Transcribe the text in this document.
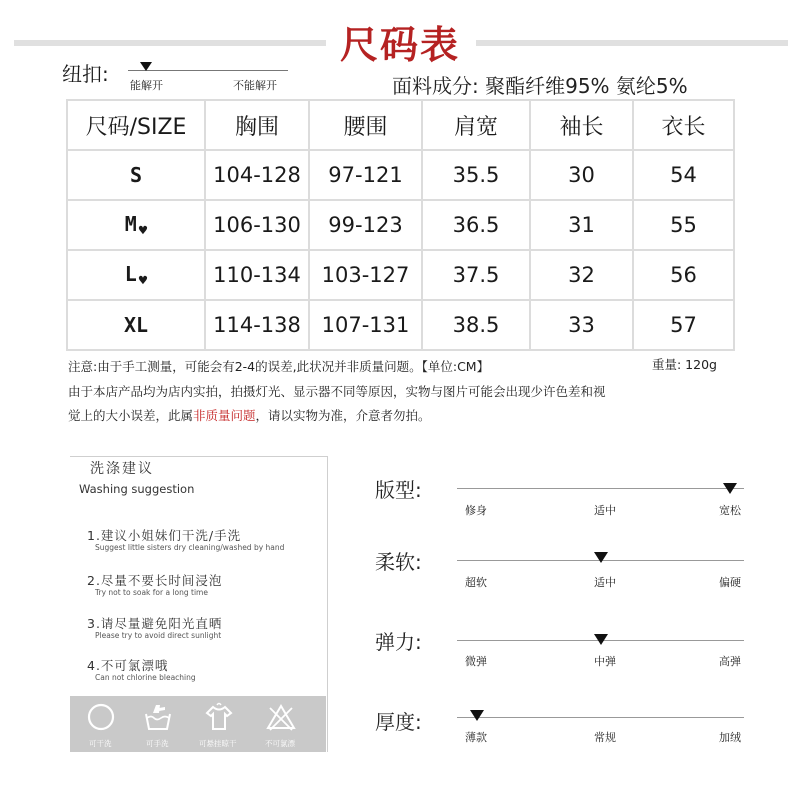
尺码表
纽扣: 能解开	不能解开	面料成分: 聚酯纤维95% 氨纶5%
尺码/SIZE	胸围	腰围	肩宽	袖长	衣长
S	104-128	97-121	35.5	30	54
M $_♥$	106-130	99-123	36.5	31	55
L $_♥$	110-134	103-127	37.5	32	56
XL	114-138	107-131	38.5	33	57
注意:由于手工测量，可能会有2-4的误差,此状况并非质量问题。【单位:CM】	重量: 120g
由于本店产品均为店内实拍，拍摄灯光、显示器不同等原因，实物与图片可能会出现少许色差和视
觉上的大小误差，此属非质量问题，请以实物为准，介意者勿拍。
洗涤建议
Washing suggestion
1.建议小姐妹们干洗/手洗
Suggest little sisters dry cleaning/washed by hand
2.尽量不要长时间浸泡
Try not to soak for a long time
3.请尽量避免阳光直晒
Please try to avoid direct sunlight
4.不可氯漂哦
Can not chlorine bleaching
可干洗	可手洗	可悬挂晾干	不可氯漂
版型:
修身	适中	宽松
柔软:
超软	适中	偏硬
弹力:
微弹	中弹	高弹
厚度:
薄款	常规	加绒
